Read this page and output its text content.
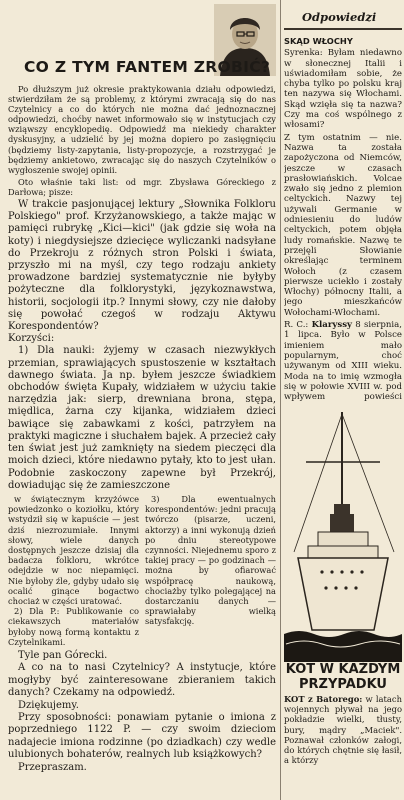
CO Z TYM FANTEM ZROBIĆ?

Po dłuższym już okresie praktykowania działu odpowiedzi, stwierdziłam że są problemy, z którymi zwracają się do nas Czytelnicy a co do których nie można dać jednoznacznej odpowiedzi, choćby nawet informowało się w instytucjach czy wziąwszy encyklopedię. Odpowiedź ma niekiedy charakter dyskusyjny, a udzielić by jej można dopiero po zasięgnięciu (będziemy listy-zapytania, listy-propozycje, a rozstrzygać je będziemy ankietowo, zwracając się do naszych Czytelników o wygłoszenie swojej opinii.

Oto właśnie taki list: od mgr. Zbysława Góreckiego z Darłowa; pisze:

W trakcie pasjonującej lektury „Słownika Folkloru Polskiego" prof. Krzyżanowskiego, a także mając w pamięci rubrykę „Kici—kici" (jak gdzie się woła na koty) i niegdysiejsze dziecięce wyliczanki nadsyłane do Przekroju z różnych stron Polski i świata, przyszło mi na myśl, czy tego rodzaju ankiety prowadzone bardziej systematycznie nie byłyby pożyteczne dla folklorystyki, językoznawstwa, historii, socjologii itp.? Innymi słowy, czy nie dałoby się powołać czegoś w rodzaju Aktywu Korespondentów?

Korzyści:

1) Dla nauki: żyjemy w czasach niezwykłych przemian, sprawiających spustoszenie w kształtach dawnego świata. Ja np. byłem jeszcze świadkiem obchodów święta Kupały, widziałem w użyciu takie narzędzia jak: sierp, drewniana brona, stępa, międlica, żarna czy kijanka, widziałem dzieci bawiące się zabawkami z kości, patrzyłem na praktyki magiczne i słuchałem bajek. A przecież cały ten świat jest już zamknięty na siedem pieczęci dla moich dzieci, które niedawno pytały, kto to jest ułan. Podobnie zaskoczony zapewne był Przekrój, dowiadując się że zamieszczone

w świątecznym krzyżówce powiedzonko o koziołku, który wstydził się w kapuście — jest dziś niezrozumiałe. Innymi słowy, wiele danych dostępnych jeszcze dzisiaj dla badacza folkloru, wkrótce odejdzie w noc niepamięci. Nie byłoby źle, gdyby udało się ocalić ginące bogactwo chociaż w części uratować.

2) Dla P.: Publikowanie co ciekawszych materiałów byłoby nową formą kontaktu z Czytelnikami.

3) Dla ewentualnych korespondentów: jedni pracują twórczo (pisarze, uczeni, aktorzy) a inni wykonują dzień po dniu stereotypowe czynności. Niejednemu sporo z takiej pracy — po godzinach — można by ofiarować współpracę naukową, chociażby tylko polegającej na dostarczaniu danych — sprawiałaby wielką satysfakcję.

Tyle pan Górecki.

A co na to nasi Czytelnicy? A instytucje, które mogłyby być zainteresowane zbieraniem takich danych? Czekamy na odpowiedź.

Dziękujemy.

Przy sposobności: ponawiam pytanie o imiona z poprzedniego 1122 P. — czy swoim dzieciom nadajecie imiona rodzinne (po dziadkach) czy wedle ulubionych bohaterów, realnych lub książkowych?

Przepraszam.

Odpowiedzi

SKĄD WŁOCHY

Syrenka: Byłam niedawno w słonecznej Italii i uświadomiłam sobie, że chyba tylko po polsku kraj ten nazywa się Włochami. Skąd wzięła się ta nazwa? Czy ma coś wspólnego z włosami?

Z tym ostatnim — nie. Nazwa ta została zapożyczona od Niemców, jeszcze w czasach prasłowiańskich. Volcae zwało się jedno z plemion celtyckich. Nazwy tej używali Germanie w odniesieniu do ludów celtyckich, potem objęła ludy romańskie. Nazwę te przejęli Słowianie określając terminem Wołoch (z czasem pierwsze uciekło i zostały Włochy) północny Italii, a jego mieszkańców Wołochami-Włochami.

R. C.: Klaryssy 8 sierpnia, 1 lipca. Było w Polsce imieniem mało popularnym, choć używanym od XIII wieku. Moda na to imię wzmogła się w połowie XVIII w. pod wpływem powieści

KOT W KAŻDYM PRZYPADKU

KOT z Batorego: w latach wojennych pływał na jego pokładzie wielki, tłusty, bury, mądry „Maciek". Poznawał członków załogi, do których chętnie się łasił, a którzy
